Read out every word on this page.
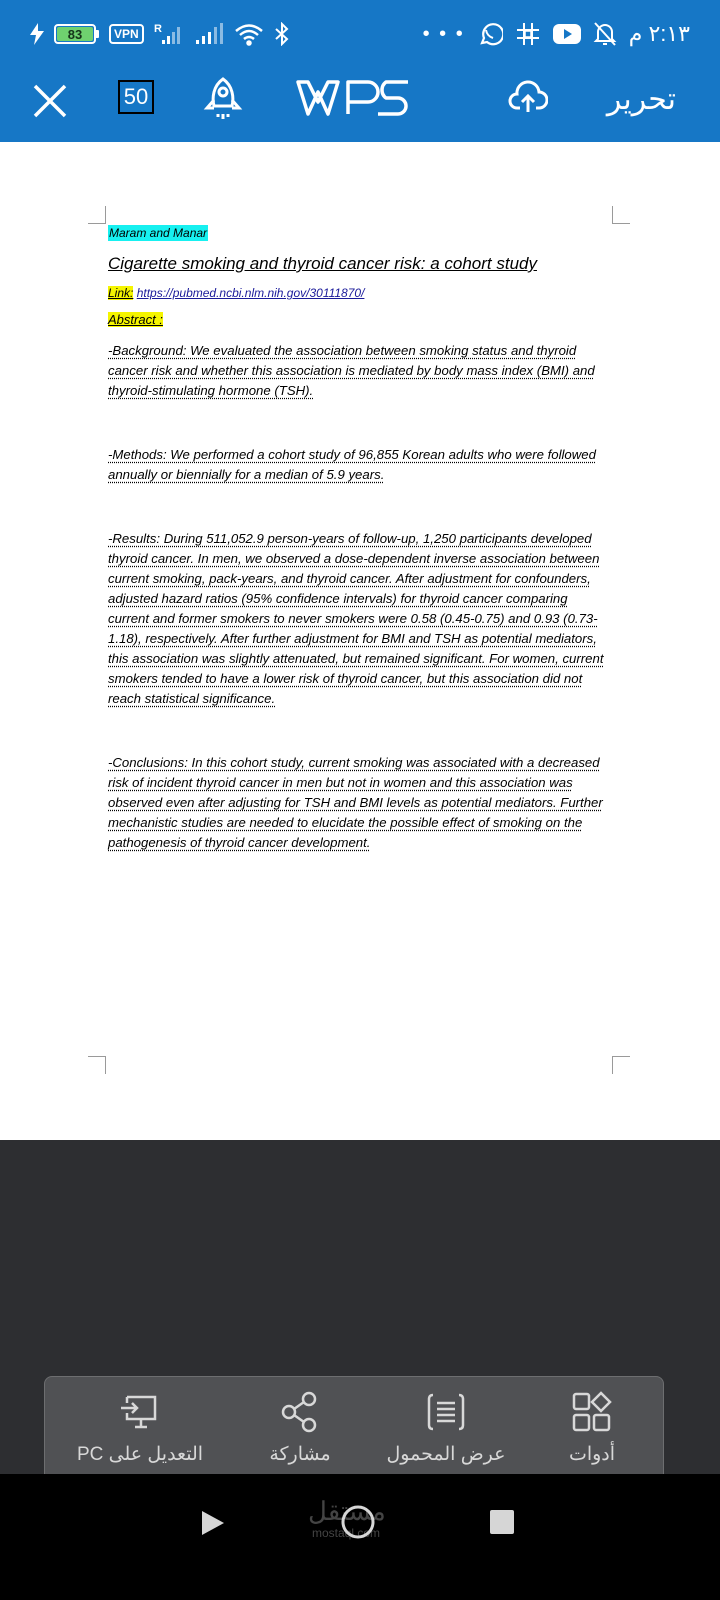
83	VPN	R	• • •	٢:١٣ م
50	تحرير
Maram and Manar
Cigarette smoking and thyroid cancer risk: a cohort study
Link: https://pubmed.ncbi.nlm.nih.gov/30111870/
Abstract :

-Background: We evaluated the association between smoking status and thyroid cancer risk and whether this association is mediated by body mass index (BMI) and thyroid-stimulating hormone (TSH).

-Methods: We performed a cohort study of 96,855 Korean adults who were followed annually or biennially for a median of 5.9 years.

-Results: During 511,052.9 person-years of follow-up, 1,250 participants developed thyroid cancer. In men, we observed a dose-dependent inverse association between current smoking, pack-years, and thyroid cancer. After adjustment for confounders, adjusted hazard ratios (95% confidence intervals) for thyroid cancer comparing current and former smokers to never smokers were 0.58 (0.45-0.75) and 0.93 (0.73-1.18), respectively. After further adjustment for BMI and TSH as potential mediators, this association was slightly attenuated, but remained significant. For women, current smokers tended to have a lower risk of thyroid cancer, but this association did not reach statistical significance.

-Conclusions: In this cohort study, current smoking was associated with a decreased risk of incident thyroid cancer in men but not in women and this association was observed even after adjusting for TSH and BMI levels as potential mediators. Further mechanistic studies are needed to elucidate the possible effect of smoking on the pathogenesis of thyroid cancer development.

التعديل على PC	مشاركة	عرض المحمول	أدوات
مستقل
mostaql.com
